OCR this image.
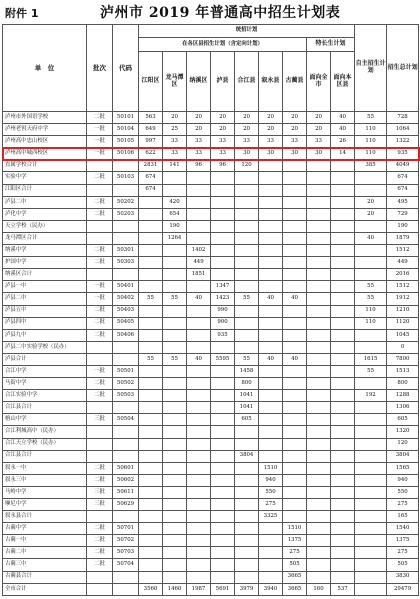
附件 1	泸州市 2019 年普通高中招生计划表
单　位	批次	代码	统招计划									自主招生计划	招生总计划
			在各区县招生计划（含定向计划）							特长生计划			
			江阳区	龙马潭区	纳溪区	泸县	合江县	叙永县	古蔺县	面向全市	面向本区县		
泸州市外国语学校	二批	50101	563	20	20	20	20	20	20	20	40	55	728
泸州老窖天府中学	一批	50104	649	25	20	20	20	20	20	20	40	110	1064
泸州高中忠山校区	一批	50105	997	33	33	33	33	33	33	33	26	110	1322
泸州高中城西校区	一批	50106	622	33	33	33	30	30	30	30	14	110	935
直属学校合计			2831	141	96	96	120					385	4049
实验中学	二批	50103	674										674
江阳区合计			674										674
泸县二中	二批	50202		420								20	495
泸化中学	二批	50203		654								20	729
天立学校（民办）				190									190
龙马潭区合计				1264								40	1879
纳溪中学	二批	50301			1402								1512
护国中学	二批	50303			449								449
纳溪区合计					1851								2016
泸县一中	一批	50401				1347						55	1512
泸县二中	一批	50402	55	55	40	1423	55	40	40			55	1912
泸县五中	二批	50403				990						110	1210
泸县四中	二批	50405				900						110	1120
泸县九中	二批	50406				935							1045
泸县二中实验学校（民办）													0
泸县合计			55	55	40	5595	55	40	40			1615	7800
合江中学	一批	50501					1458					55	1513
马街中学	二批	50502					800						800
合江实验中学	二批	50503					1041					192	1288
合江县合计							1041						1306
榕山中学	三批	50504					605						605
合江利城高中（民办）													1320
合江天立学校（民办）													120
合江县合计							3804						3804
叙永一中	二批	50601						1510					1565
叙永三中	二批	50602						940					940
马岭中学	三批	50611						550					550
摩尼中学	三批	50629						275					275
叙永县合计								3325					165
古蔺中学	二批	50701							1510				1540
古蔺一中	二批	50702							1375				1375
古蔺二中	二批	50703							275				275
古蔺三中	二批	50704							505				505
古蔺县合计									3665				3830
全市合计			3560	1460	1987	5691	3979	3940	3665	160	537		29479
